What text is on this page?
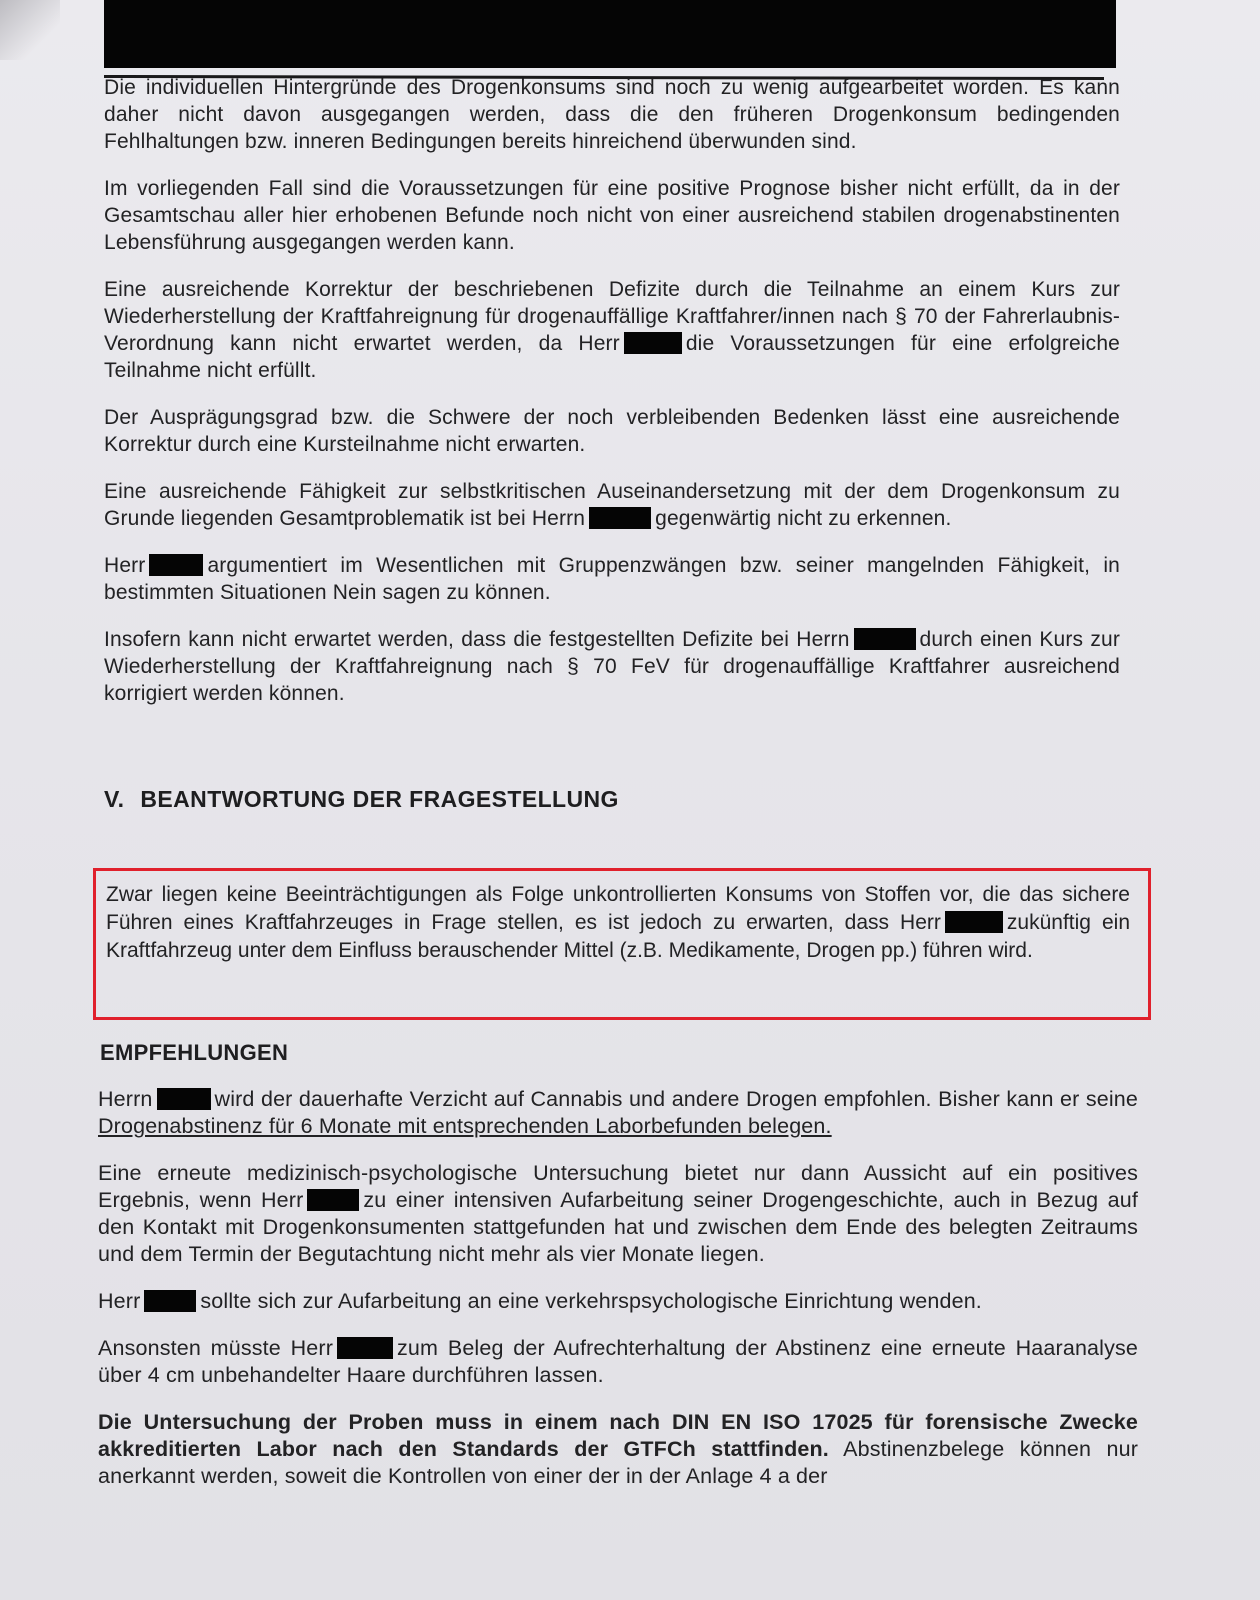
Die individuellen Hintergründe des Drogenkonsums sind noch zu wenig aufgearbeitet worden. Es kann daher nicht davon ausgegangen werden, dass die den früheren Drogenkonsum bedingenden Fehlhaltungen bzw. inneren Bedingungen bereits hinreichend überwunden sind.

Im vorliegenden Fall sind die Voraussetzungen für eine positive Prognose bisher nicht erfüllt, da in der Gesamtschau aller hier erhobenen Befunde noch nicht von einer ausreichend stabilen drogenabstinenten Lebensführung ausgegangen werden kann.

Eine ausreichende Korrektur der beschriebenen Defizite durch die Teilnahme an einem Kurs zur Wiederherstellung der Kraftfahreignung für drogenauffällige Kraftfahrer/innen nach § 70 der Fahrerlaubnis-Verordnung kann nicht erwartet werden, da Herr	die Voraussetzungen für eine erfolgreiche Teilnahme nicht erfüllt.

Der Ausprägungsgrad bzw. die Schwere der noch verbleibenden Bedenken lässt eine ausreichende Korrektur durch eine Kursteilnahme nicht erwarten.

Eine ausreichende Fähigkeit zur selbstkritischen Auseinandersetzung mit der dem Drogenkonsum zu Grunde liegenden Gesamtproblematik ist bei Herrn	gegenwärtig nicht zu erkennen.

Herr	argumentiert im Wesentlichen mit Gruppenzwängen bzw. seiner mangelnden Fähigkeit, in bestimmten Situationen Nein sagen zu können.

Insofern kann nicht erwartet werden, dass die festgestellten Defizite bei Herrn	durch einen Kurs zur Wiederherstellung der Kraftfahreignung nach § 70 FeV für drogenauffällige Kraftfahrer ausreichend korrigiert werden können.

V. BEANTWORTUNG DER FRAGESTELLUNG
Zwar liegen keine Beeinträchtigungen als Folge unkontrollierten Konsums von Stoffen vor, die das sichere Führen eines Kraftfahrzeuges in Frage stellen, es ist jedoch zu erwarten, dass Herr	zukünftig ein Kraftfahrzeug unter dem Einfluss berauschender Mittel (z.B. Medikamente, Drogen pp.) führen wird.
EMPFEHLUNGEN

Herrn	wird der dauerhafte Verzicht auf Cannabis und andere Drogen empfohlen. Bisher kann er seine Drogenabstinenz für 6 Monate mit entsprechenden Laborbefunden belegen.

Eine erneute medizinisch-psychologische Untersuchung bietet nur dann Aussicht auf ein positives Ergebnis, wenn Herr	zu einer intensiven Aufarbeitung seiner Drogengeschichte, auch in Bezug auf den Kontakt mit Drogenkonsumenten stattgefunden hat und zwischen dem Ende des belegten Zeitraums und dem Termin der Begutachtung nicht mehr als vier Monate liegen.

Herr	sollte sich zur Aufarbeitung an eine verkehrspsychologische Einrichtung wenden.

Ansonsten müsste Herr	zum Beleg der Aufrechterhaltung der Abstinenz eine erneute Haaranalyse über 4 cm unbehandelter Haare durchführen lassen.

Die Untersuchung der Proben muss in einem nach DIN EN ISO 17025 für forensische Zwecke akkreditierten Labor nach den Standards der GTFCh stattfinden. Abstinenzbelege können nur anerkannt werden, soweit die Kontrollen von einer der in der Anlage 4 a der
